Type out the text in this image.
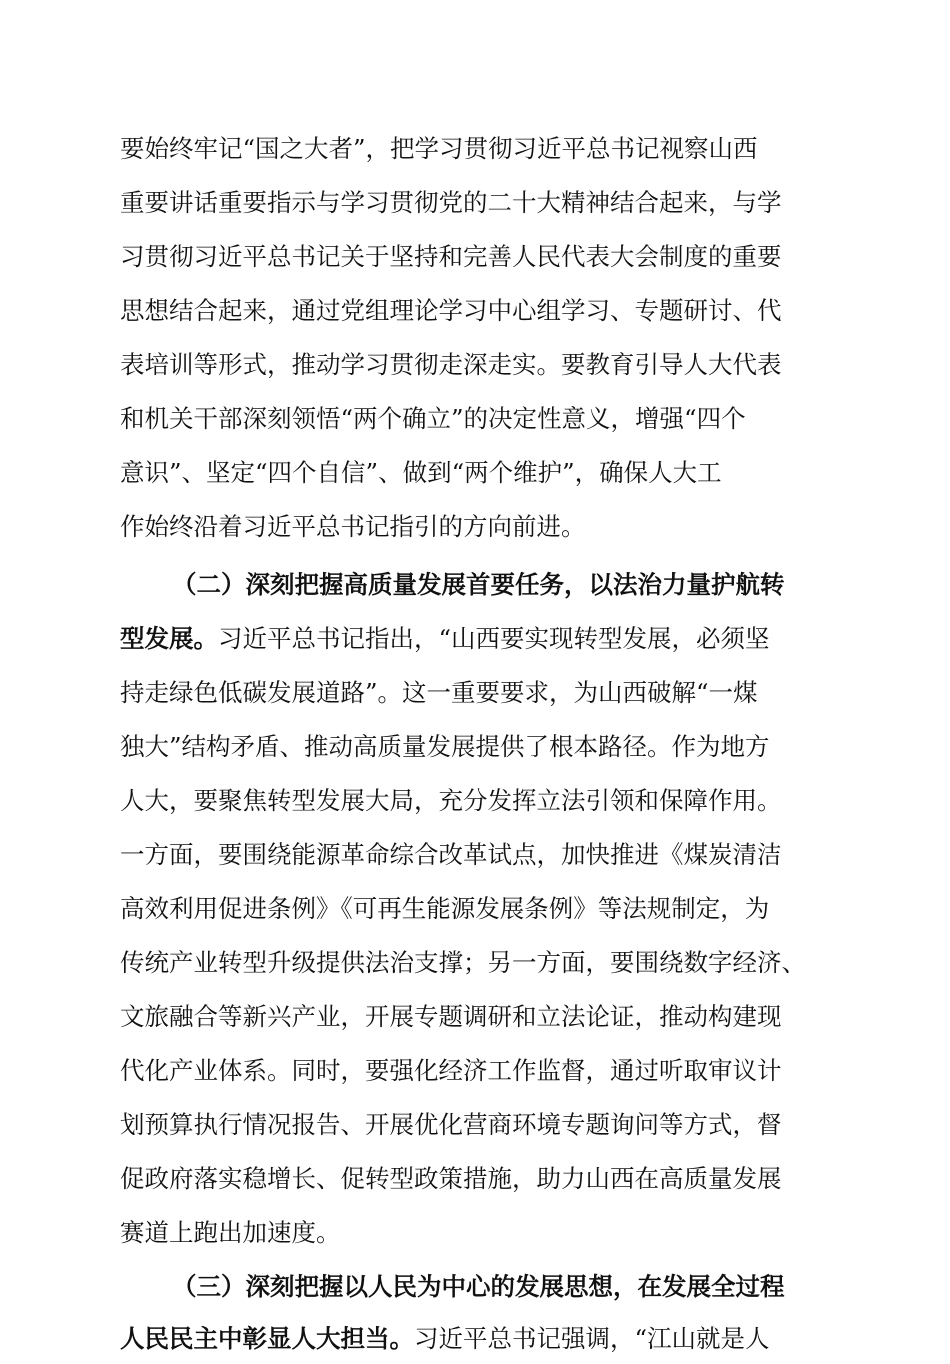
要始终牢记“国之大者”，把学习贯彻习近平总书记视察山西
重要讲话重要指示与学习贯彻党的二十大精神结合起来，与学
习贯彻习近平总书记关于坚持和完善人民代表大会制度的重要
思想结合起来，通过党组理论学习中心组学习、专题研讨、代
表培训等形式，推动学习贯彻走深走实。要教育引导人大代表
和机关干部深刻领悟“两个确立”的决定性意义，增强“四个
意识”、坚定“四个自信”、做到“两个维护”，确保人大工
作始终沿着习近平总书记指引的方向前进。
（二）深刻把握高质量发展首要任务，以法治力量护航转
型发展。习近平总书记指出，“山西要实现转型发展，必须坚
持走绿色低碳发展道路”。这一重要要求，为山西破解“一煤
独大”结构矛盾、推动高质量发展提供了根本路径。作为地方
人大，要聚焦转型发展大局，充分发挥立法引领和保障作用。
一方面，要围绕能源革命综合改革试点，加快推进《煤炭清洁
高效利用促进条例》《可再生能源发展条例》等法规制定，为
传统产业转型升级提供法治支撑；另一方面，要围绕数字经济、
文旅融合等新兴产业，开展专题调研和立法论证，推动构建现
代化产业体系。同时，要强化经济工作监督，通过听取审议计
划预算执行情况报告、开展优化营商环境专题询问等方式，督
促政府落实稳增长、促转型政策措施，助力山西在高质量发展
赛道上跑出加速度。
（三）深刻把握以人民为中心的发展思想，在发展全过程
人民民主中彰显人大担当。习近平总书记强调，“江山就是人
